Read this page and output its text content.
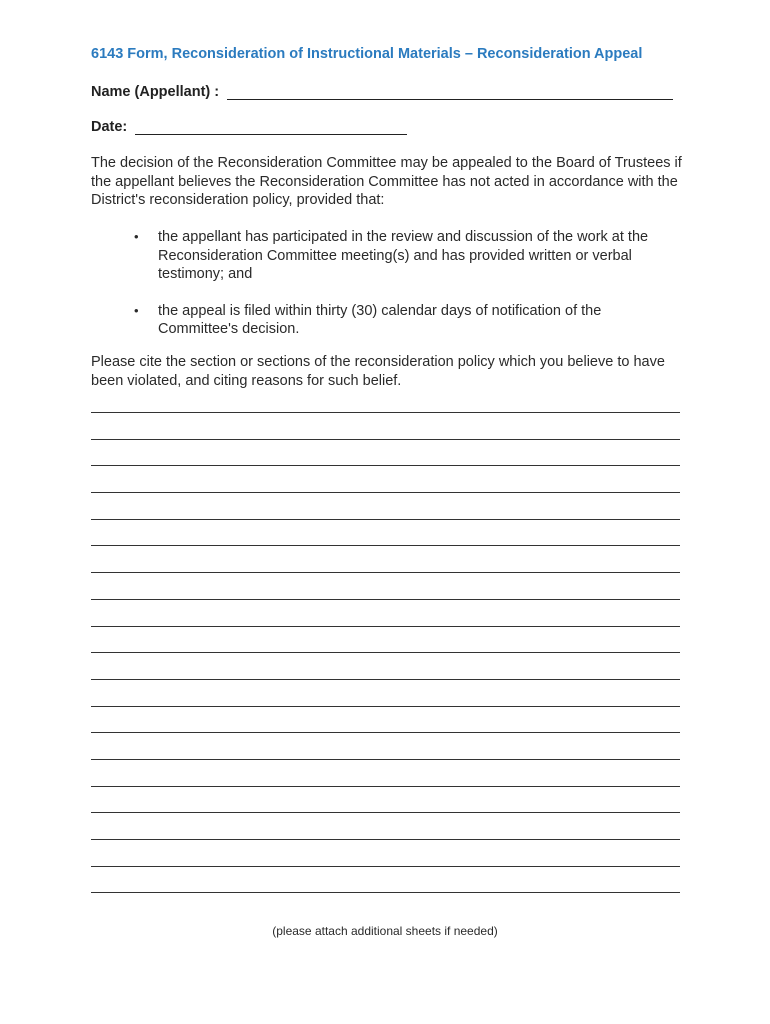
6143 Form, Reconsideration of Instructional Materials – Reconsideration Appeal
Name (Appellant) :
Date:
The decision of the Reconsideration Committee may be appealed to the Board of Trustees if the appellant believes the Reconsideration Committee has not acted in accordance with the District's reconsideration policy, provided that:
• the appellant has participated in the review and discussion of the work at the Reconsideration Committee meeting(s) and has provided written or verbal testimony; and
• the appeal is filed within thirty (30) calendar days of notification of the Committee's decision.
Please cite the section or sections of the reconsideration policy which you believe to have been violated, and citing reasons for such belief.
(please attach additional sheets if needed)
